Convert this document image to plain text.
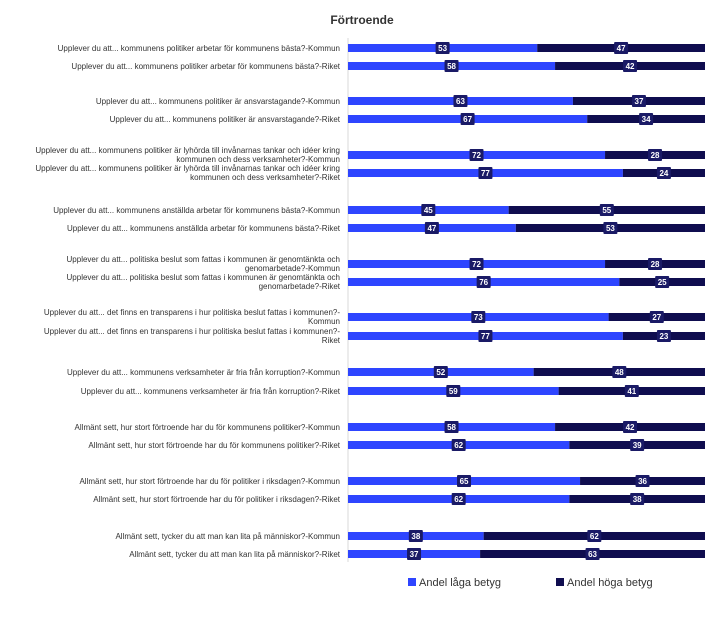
Förtroende
Upplever du att... kommunens politiker arbetar för kommunens bästa?-Kommun	53	47
Upplever du att... kommunens politiker arbetar för kommunens bästa?-Riket	58	42
Upplever du att... kommunens politiker är ansvarstagande?-Kommun	63	37
Upplever du att... kommunens politiker är ansvarstagande?-Riket	67	34
Upplever du att... kommunens politiker är lyhörda till invånarnas tankar och idéer kring
kommunen och dess verksamheter?-Kommun	72	28
Upplever du att... kommunens politiker är lyhörda till invånarnas tankar och idéer kring
kommunen och dess verksamheter?-Riket	77	24
Upplever du att... kommunens anställda arbetar för kommunens bästa?-Kommun	45	55
Upplever du att... kommunens anställda arbetar för kommunens bästa?-Riket	47	53
Upplever du att... politiska beslut som fattas i kommunen är genomtänkta och
genomarbetade?-Kommun	72	28
Upplever du att... politiska beslut som fattas i kommunen är genomtänkta och
genomarbetade?-Riket	76	25
Upplever du att... det finns en transparens i hur politiska beslut fattas i kommunen?-
Kommun	73	27
Upplever du att... det finns en transparens i hur politiska beslut fattas i kommunen?-
Riket	77	23
Upplever du att... kommunens verksamheter är fria från korruption?-Kommun	52	48
Upplever du att... kommunens verksamheter är fria från korruption?-Riket	59	41
Allmänt sett, hur stort förtroende har du för kommunens politiker?-Kommun	58	42
Allmänt sett, hur stort förtroende har du för kommunens politiker?-Riket	62	39
Allmänt sett, hur stort förtroende har du för politiker i riksdagen?-Kommun	65	36
Allmänt sett, hur stort förtroende har du för politiker i riksdagen?-Riket	62	38
Allmänt sett, tycker du att man kan lita på människor?-Kommun	38	62
Allmänt sett, tycker du att man kan lita på människor?-Riket	37	63
Andel låga betyg	Andel höga betyg
